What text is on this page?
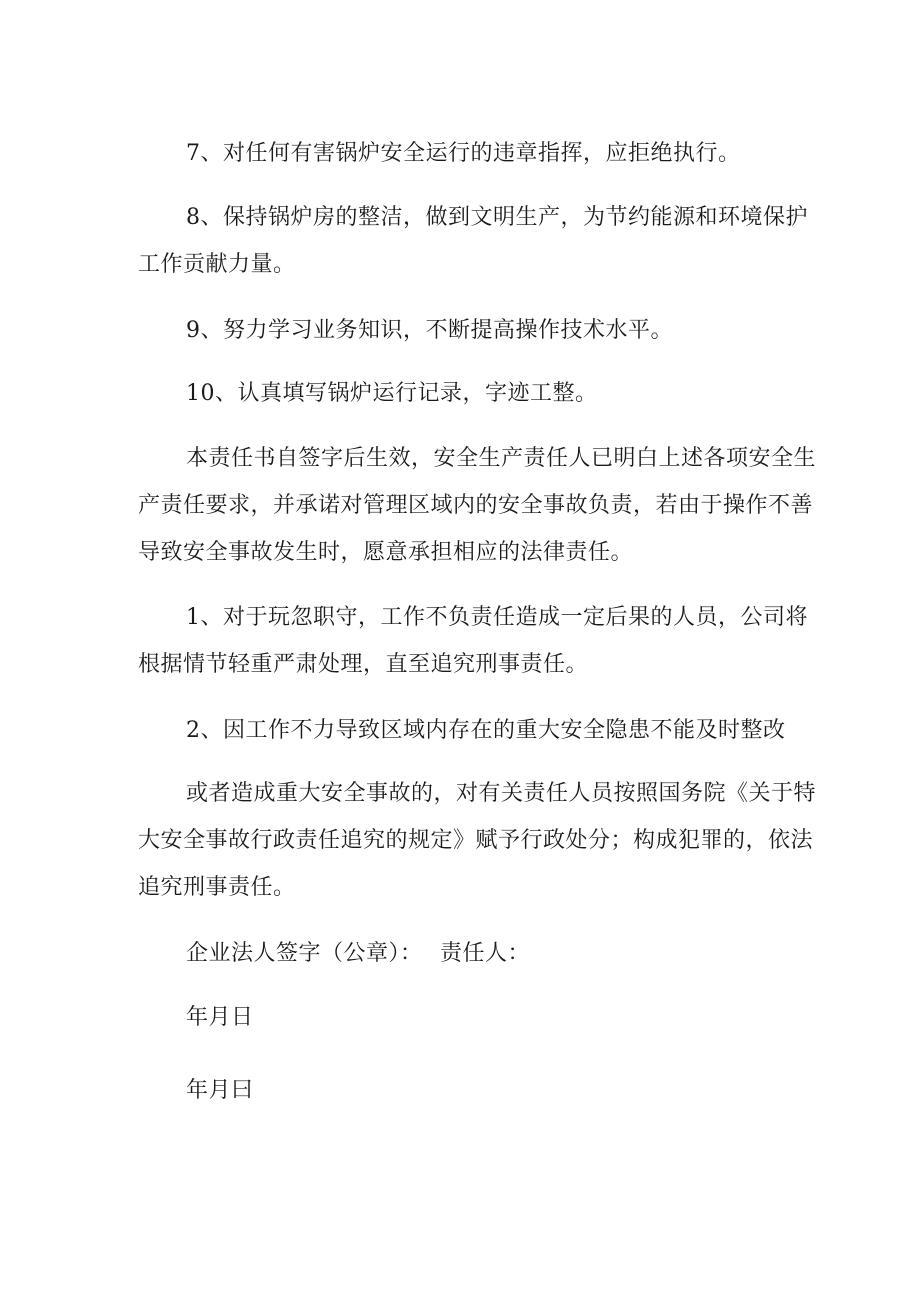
7、对任何有害锅炉安全运行的违章指挥，应拒绝执行。
8、保持锅炉房的整洁，做到文明生产，为节约能源和环境保护
工作贡献力量。
9、努力学习业务知识，不断提高操作技术水平。
10、认真填写锅炉运行记录，字迹工整。
本责任书自签字后生效，安全生产责任人已明白上述各项安全生
产责任要求，并承诺对管理区域内的安全事故负责，若由于操作不善
导致安全事故发生时，愿意承担相应的法律责任。
1、对于玩忽职守，工作不负责任造成一定后果的人员，公司将
根据情节轻重严肃处理，直至追究刑事责任。
2、因工作不力导致区域内存在的重大安全隐患不能及时整改
或者造成重大安全事故的，对有关责任人员按照国务院《关于特
大安全事故行政责任追究的规定》赋予行政处分；构成犯罪的，依法
追究刑事责任。
企业法人签字（公章）： 责任人：
年月日
年月曰
